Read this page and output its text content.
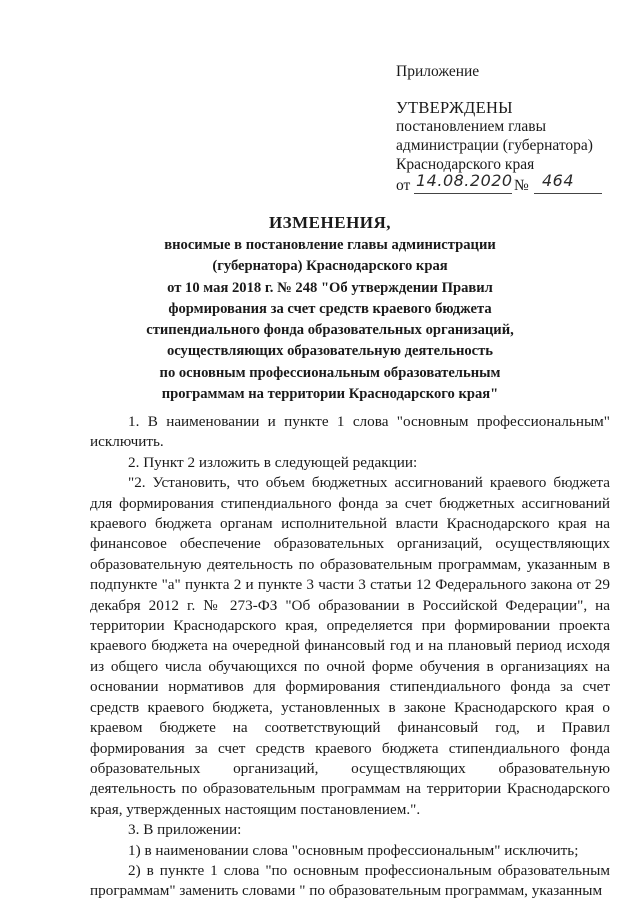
Приложение
УТВЕРЖДЕНЫ
постановлением главы
администрации (губернатора)
Краснодарского края
от 14.08.2020 № 464
ИЗМЕНЕНИЯ,
вносимые в постановление главы администрации
(губернатора) Краснодарского края
от 10 мая 2018 г. № 248 "Об утверждении Правил
формирования за счет средств краевого бюджета
стипендиального фонда образовательных организаций,
осуществляющих образовательную деятельность
по основным профессиональным образовательным
программам на территории Краснодарского края"

1. В наименовании и пункте 1 слова "основным профессиональным" исключить.

2. Пункт 2 изложить в следующей редакции:

"2. Установить, что объем бюджетных ассигнований краевого бюджета для формирования стипендиального фонда за счет бюджетных ассигнований краевого бюджета органам исполнительной власти Краснодарского края на финансовое обеспечение образовательных организаций, осуществляющих образовательную деятельность по образовательным программам, указанным в подпункте "а" пункта 2 и пункте 3 части 3 статьи 12 Федерального закона от 29 декабря 2012 г. № 273-ФЗ "Об образовании в Российской Федерации", на территории Краснодарского края, определяется при формировании проекта краевого бюджета на очередной финансовый год и на плановый период исходя из общего числа обучающихся по очной форме обучения в организациях на основании нормативов для формирования стипендиального фонда за счет средств краевого бюджета, установленных в законе Краснодарского края о краевом бюджете на соответствующий финансовый год, и Правил формирования за счет средств краевого бюджета стипендиального фонда образовательных организаций, осуществляющих образовательную деятельность по образовательным программам на территории Краснодарского края, утвержденных настоящим постановлением.".

3. В приложении:

1) в наименовании слова "основным профессиональным" исключить;

2) в пункте 1 слова "по основным профессиональным образовательным программам" заменить словами " по образовательным программам, указанным
